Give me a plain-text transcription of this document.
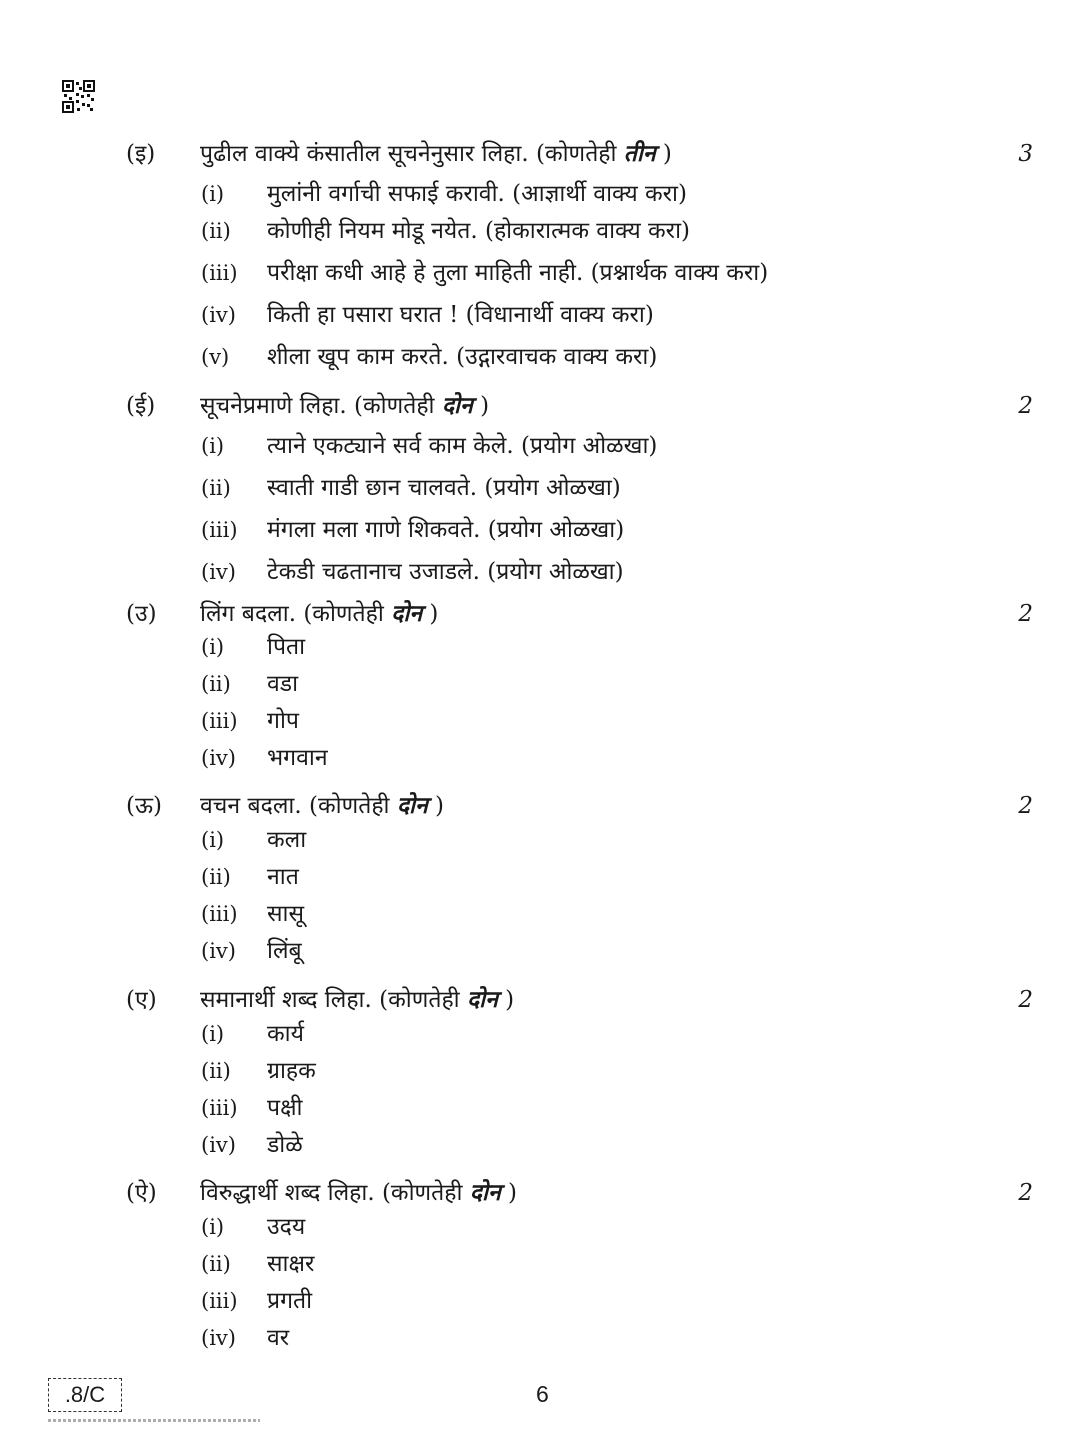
(इ) पुढील वाक्ये कंसातील सूचनेनुसार लिहा. (कोणतेही तीन )	3
(i) मुलांनी वर्गाची सफाई करावी. (आज्ञार्थी वाक्य करा)
(ii) कोणीही नियम मोडू नयेत. (होकारात्मक वाक्य करा)
(iii) परीक्षा कधी आहे हे तुला माहिती नाही. (प्रश्नार्थक वाक्य करा)
(iv) किती हा पसारा घरात ! (विधानार्थी वाक्य करा)
(v) शीला खूप काम करते. (उद्गारवाचक वाक्य करा)
(ई) सूचनेप्रमाणे लिहा. (कोणतेही दोन )	2
(i) त्याने एकट्याने सर्व काम केले. (प्रयोग ओळखा)
(ii) स्वाती गाडी छान चालवते. (प्रयोग ओळखा)
(iii) मंगला मला गाणे शिकवते. (प्रयोग ओळखा)
(iv) टेकडी चढतानाच उजाडले. (प्रयोग ओळखा)
(उ) लिंग बदला. (कोणतेही दोन )	2
(i) पिता
(ii) वडा
(iii) गोप
(iv) भगवान
(ऊ) वचन बदला. (कोणतेही दोन )	2
(i) कला
(ii) नात
(iii) सासू
(iv) लिंबू
(ए) समानार्थी शब्द लिहा. (कोणतेही दोन )	2
(i) कार्य
(ii) ग्राहक
(iii) पक्षी
(iv) डोळे
(ऐ) विरुद्धार्थी शब्द लिहा. (कोणतेही दोन )	2
(i) उदय
(ii) साक्षर
(iii) प्रगती
(iv) वर
.8/C	6
